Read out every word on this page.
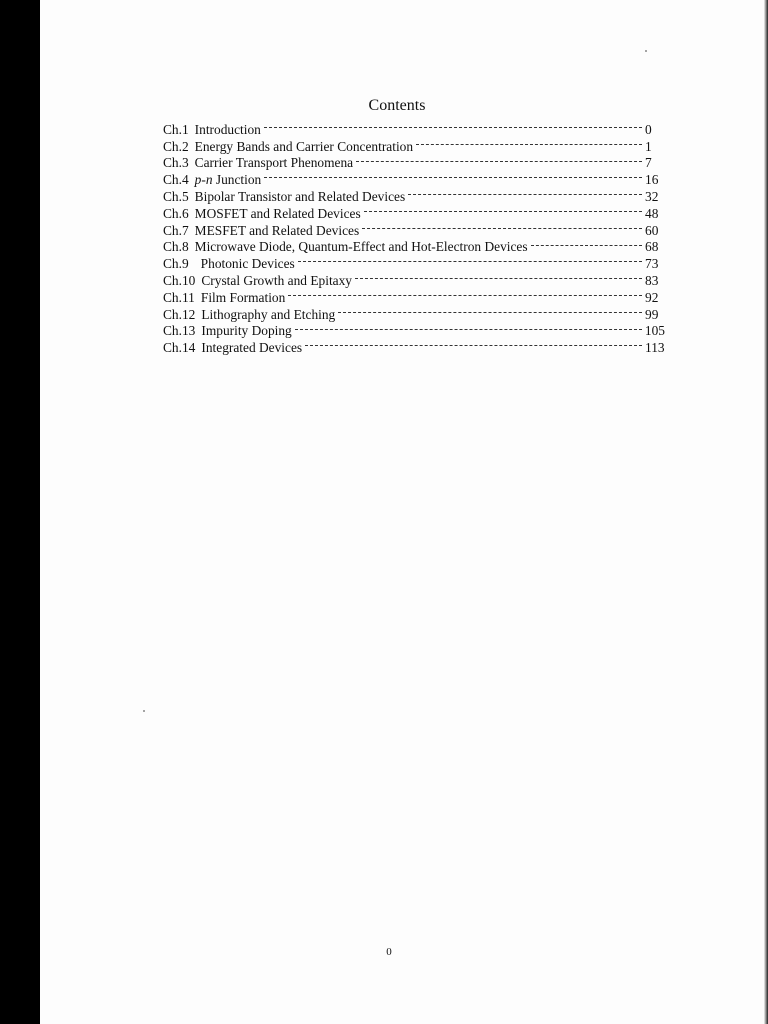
Contents
Ch.1 Introduction	0
Ch.2 Energy Bands and Carrier Concentration	1
Ch.3 Carrier Transport Phenomena	7
Ch.4 p-n Junction	16
Ch.5 Bipolar Transistor and Related Devices	32
Ch.6 MOSFET and Related Devices	48
Ch.7 MESFET and Related Devices	60
Ch.8 Microwave Diode, Quantum-Effect and Hot-Electron Devices	68
Ch.9 Photonic Devices	73
Ch.10 Crystal Growth and Epitaxy	83
Ch.11 Film Formation	92
Ch.12 Lithography and Etching	99
Ch.13 Impurity Doping	105
Ch.14 Integrated Devices	113
0
